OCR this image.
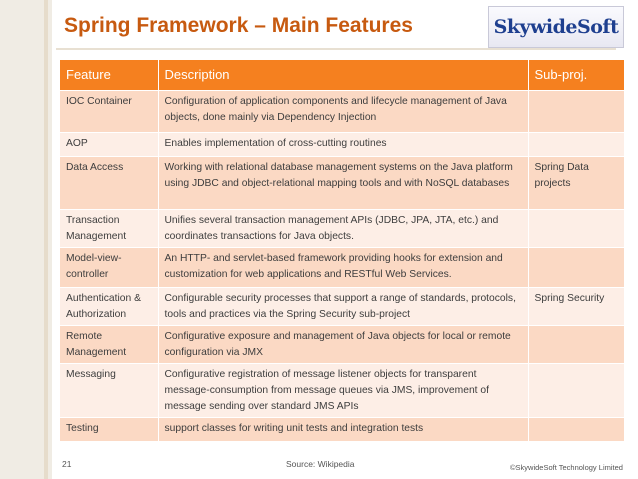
Spring Framework – Main Features	SkywideSoft
Feature	Description	Sub-proj.
IOC Container	Configuration of application components and lifecycle management of Java objects, done mainly via Dependency Injection	
AOP	Enables implementation of cross-cutting routines	
Data Access	Working with relational database management systems on the Java platform using JDBC and object-relational mapping tools and with NoSQL databases	Spring Data projects
Transaction Management	Unifies several transaction management APIs (JDBC, JPA, JTA, etc.) and coordinates transactions for Java objects.	
Model-view-controller	An HTTP- and servlet-based framework providing hooks for extension and customization for web applications and RESTful Web Services.	
Authentication & Authorization	Configurable security processes that support a range of standards, protocols, tools and practices via the Spring Security sub-project	Spring Security
Remote Management	Configurative exposure and management of Java objects for local or remote configuration via JMX	
Messaging	Configurative registration of message listener objects for transparent message-consumption from message queues via JMS, improvement of message sending over standard JMS APIs	
Testing	support classes for writing unit tests and integration tests	
21	Source: Wikipedia	©SkywideSoft Technology Limited
